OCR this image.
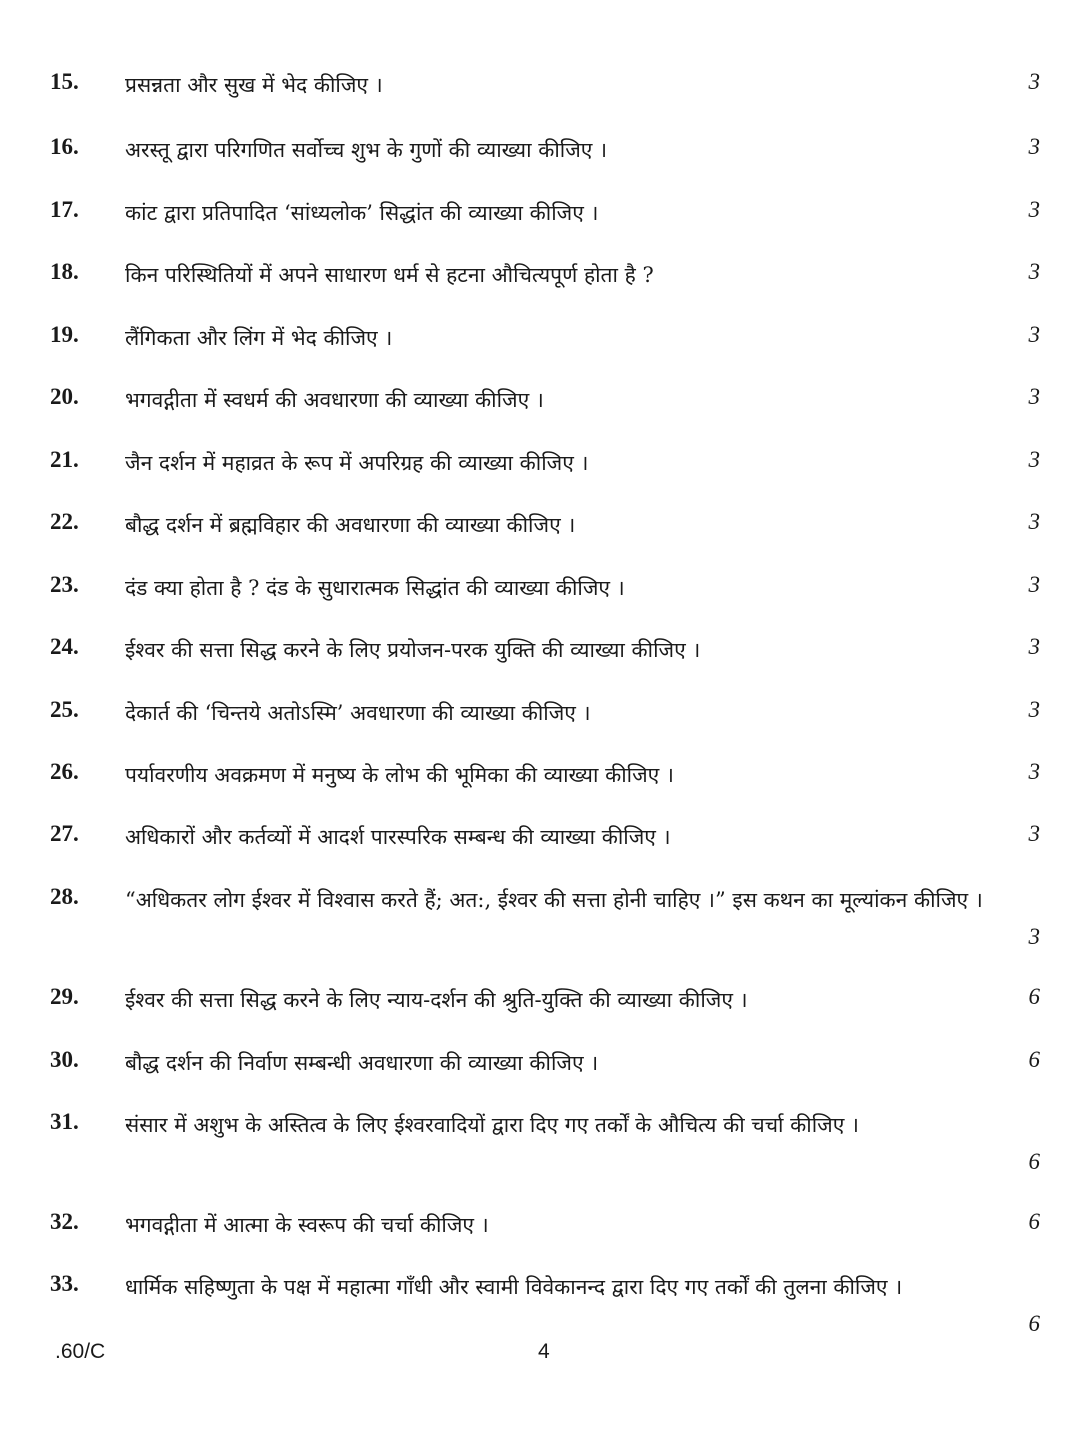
15.	प्रसन्नता और सुख में भेद कीजिए ।	3
16.	अरस्तू द्वारा परिगणित सर्वोच्च शुभ के गुणों की व्याख्या कीजिए ।	3
17.	कांट द्वारा प्रतिपादित ‘सांध्यलोक’ सिद्धांत की व्याख्या कीजिए ।	3
18.	किन परिस्थितियों में अपने साधारण धर्म से हटना औचित्यपूर्ण होता है ?	3
19.	लैंगिकता और लिंग में भेद कीजिए ।	3
20.	भगवद्गीता में स्वधर्म की अवधारणा की व्याख्या कीजिए ।	3
21.	जैन दर्शन में महाव्रत के रूप में अपरिग्रह की व्याख्या कीजिए ।	3
22.	बौद्ध दर्शन में ब्रह्मविहार की अवधारणा की व्याख्या कीजिए ।	3
23.	दंड क्या होता है ? दंड के सुधारात्मक सिद्धांत की व्याख्या कीजिए ।	3
24.	ईश्वर की सत्ता सिद्ध करने के लिए प्रयोजन-परक युक्ति की व्याख्या कीजिए ।	3
25.	देकार्त की ‘चिन्तये अतोऽस्मि’ अवधारणा की व्याख्या कीजिए ।	3
26.	पर्यावरणीय अवक्रमण में मनुष्य के लोभ की भूमिका की व्याख्या कीजिए ।	3
27.	अधिकारों और कर्तव्यों में आदर्श पारस्परिक सम्बन्ध की व्याख्या कीजिए ।	3
28.	“अधिकतर लोग ईश्वर में विश्वास करते हैं; अत:, ईश्वर की सत्ता होनी चाहिए ।” इस कथन का मूल्यांकन कीजिए ।
3
29.	ईश्वर की सत्ता सिद्ध करने के लिए न्याय-दर्शन की श्रुति-युक्ति की व्याख्या कीजिए ।	6
30.	बौद्ध दर्शन की निर्वाण सम्बन्धी अवधारणा की व्याख्या कीजिए ।	6
31.	संसार में अशुभ के अस्तित्व के लिए ईश्वरवादियों द्वारा दिए गए तर्कों के औचित्य की चर्चा कीजिए ।
6
32.	भगवद्गीता में आत्मा के स्वरूप की चर्चा कीजिए ।	6
33.	धार्मिक सहिष्णुता के पक्ष में महात्मा गाँधी और स्वामी विवेकानन्द द्वारा दिए गए तर्कों की तुलना कीजिए ।
6
.60/C	4
